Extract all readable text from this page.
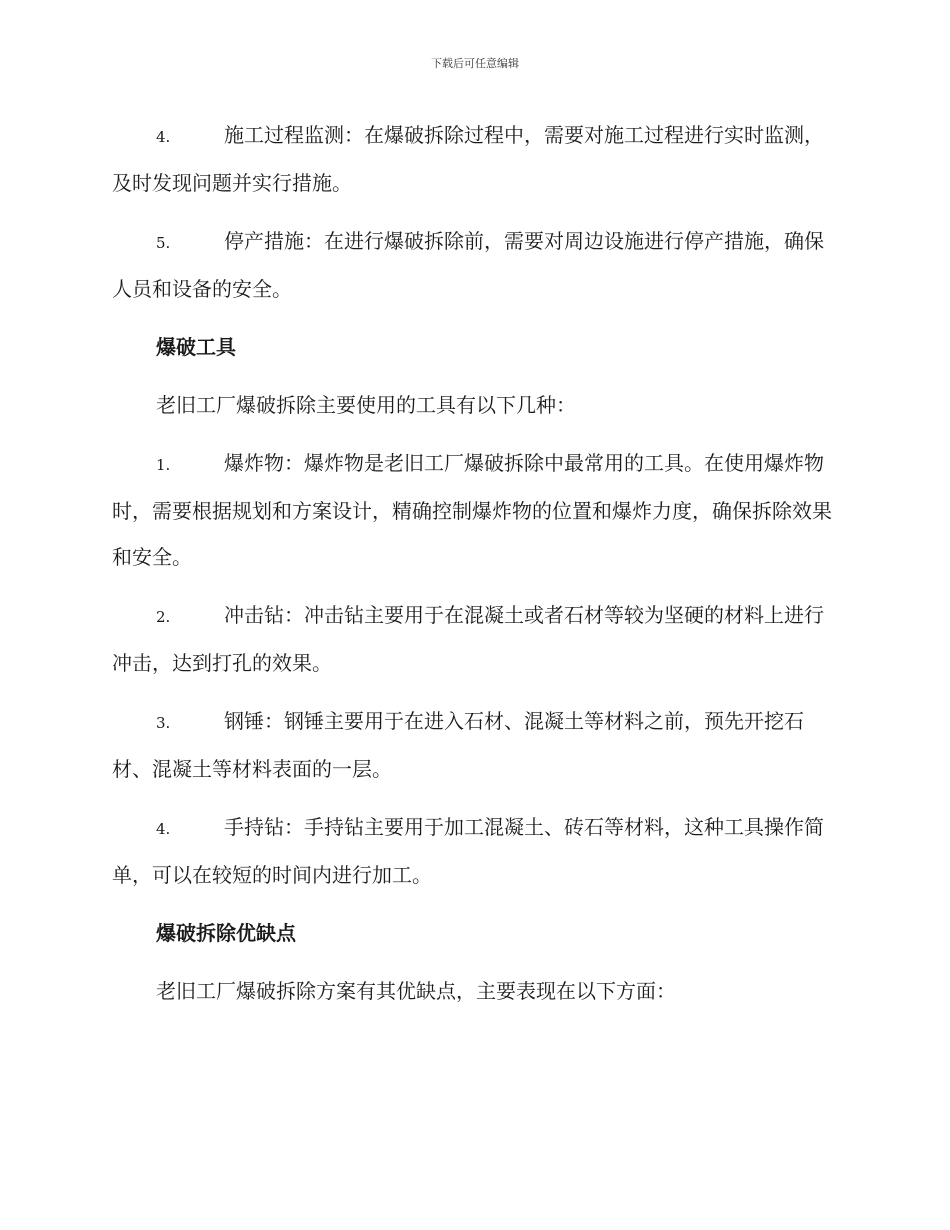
下载后可任意编辑

4.	施工过程监测：在爆破拆除过程中，需要对施工过程进行实时监测，及时发现问题并实行措施。

5.	停产措施：在进行爆破拆除前，需要对周边设施进行停产措施，确保人员和设备的安全。

爆破工具

老旧工厂爆破拆除主要使用的工具有以下几种：

1.	爆炸物：爆炸物是老旧工厂爆破拆除中最常用的工具。在使用爆炸物时，需要根据规划和方案设计，精确控制爆炸物的位置和爆炸力度，确保拆除效果和安全。

2.	冲击钻：冲击钻主要用于在混凝土或者石材等较为坚硬的材料上进行冲击，达到打孔的效果。

3.	钢锤：钢锤主要用于在进入石材、混凝土等材料之前，预先开挖石材、混凝土等材料表面的一层。

4.	手持钻：手持钻主要用于加工混凝土、砖石等材料，这种工具操作简单，可以在较短的时间内进行加工。

爆破拆除优缺点

老旧工厂爆破拆除方案有其优缺点，主要表现在以下方面：
